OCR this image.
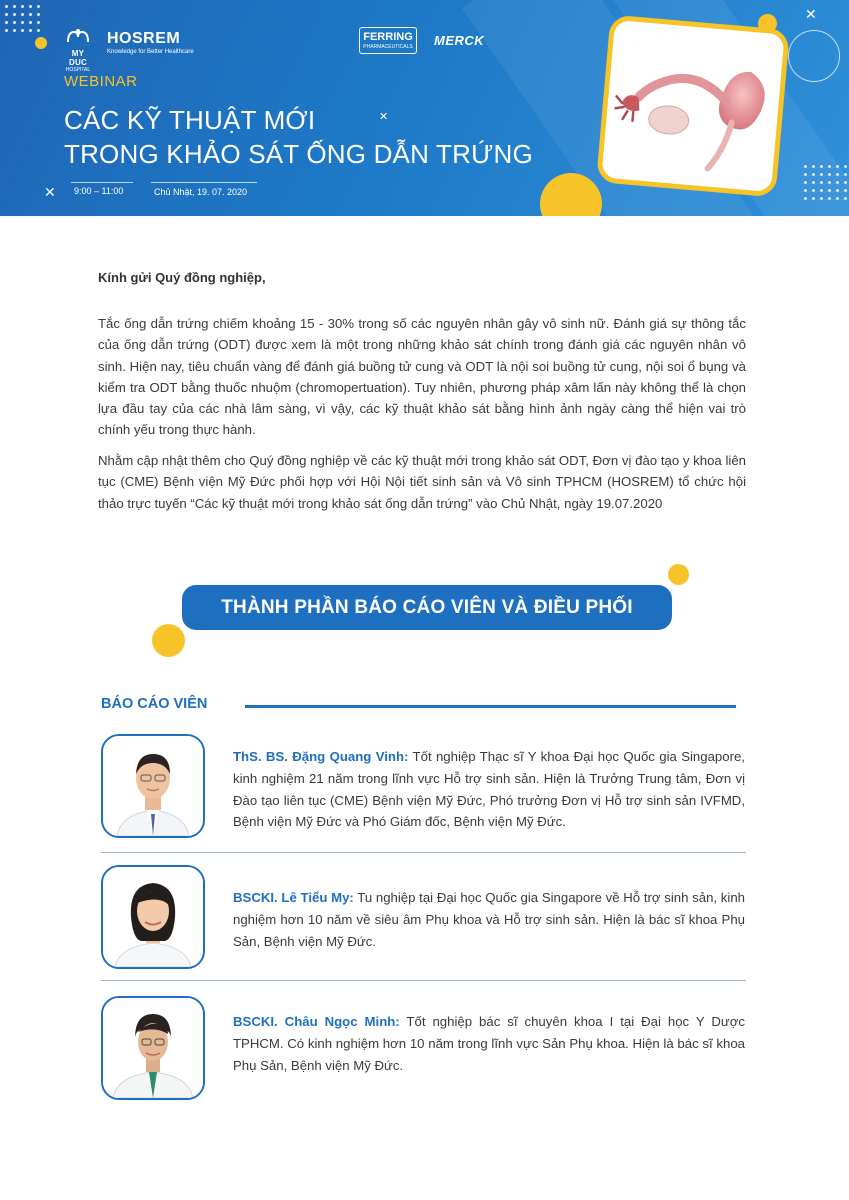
✕
✕
✕
MY DUC
HOSPITAL
HOSREM
Knowledge for Better Healthcare
FERRING
PHARMACEUTICALS MERCK
WEBINAR
CÁC KỸ THUẬT MỚI
TRONG KHẢO SÁT ỐNG DẪN TRỨNG
9:00 – 11:00	Chủ Nhật, 19. 07. 2020
Kính gửi Quý đồng nghiệp,

Tắc ống dẫn trứng chiếm khoảng 15 - 30% trong số các nguyên nhân gây vô sinh nữ. Đánh giá sự thông tắc của ống dẫn trứng (ODT) được xem là một trong những khảo sát chính trong đánh giá các nguyên nhân vô sinh. Hiện nay, tiêu chuẩn vàng để đánh giá buồng tử cung và ODT là nội soi buồng tử cung, nội soi ổ bụng và kiểm tra ODT bằng thuốc nhuộm (chromopertuation). Tuy nhiên, phương pháp xâm lấn này không thể là chọn lựa đầu tay của các nhà lâm sàng, vì vậy, các kỹ thuật khảo sát bằng hình ảnh ngày càng thể hiện vai trò chính yếu trong thực hành.

Nhằm cập nhật thêm cho Quý đồng nghiệp về các kỹ thuật mới trong khảo sát ODT, Đơn vị đào tạo y khoa liên tục (CME) Bệnh viện Mỹ Đức phối hợp với Hội Nội tiết sinh sản và Vô sinh TPHCM (HOSREM) tổ chức hội thảo trực tuyến “Các kỹ thuật mới trong khảo sát ống dẫn trứng” vào Chủ Nhật, ngày 19.07.2020

THÀNH PHẦN BÁO CÁO VIÊN VÀ ĐIỀU PHỐI
BÁO CÁO VIÊN

ThS. BS. Đặng Quang Vinh: Tốt nghiệp Thạc sĩ Y khoa Đại học Quốc gia Singapore, kinh nghiệm 21 năm trong lĩnh vực Hỗ trợ sinh sản. Hiện là Trưởng Trung tâm, Đơn vị Đào tạo liên tục (CME) Bệnh viện Mỹ Đức, Phó trưởng Đơn vị Hỗ trợ sinh sản IVFMD, Bệnh viện Mỹ Đức và Phó Giám đốc, Bệnh viện Mỹ Đức.

BSCKI. Lê Tiểu My: Tu nghiệp tại Đại học Quốc gia Singapore về Hỗ trợ sinh sản, kinh nghiệm hơn 10 năm về siêu âm Phụ khoa và Hỗ trợ sinh sản. Hiện là bác sĩ khoa Phụ Sản, Bệnh viện Mỹ Đức.

BSCKI. Châu Ngọc Minh: Tốt nghiệp bác sĩ chuyên khoa I tại Đại học Y Dược TPHCM. Có kinh nghiệm hơn 10 năm trong lĩnh vực Sản Phụ khoa. Hiện là bác sĩ khoa Phụ Sản, Bệnh viện Mỹ Đức.
